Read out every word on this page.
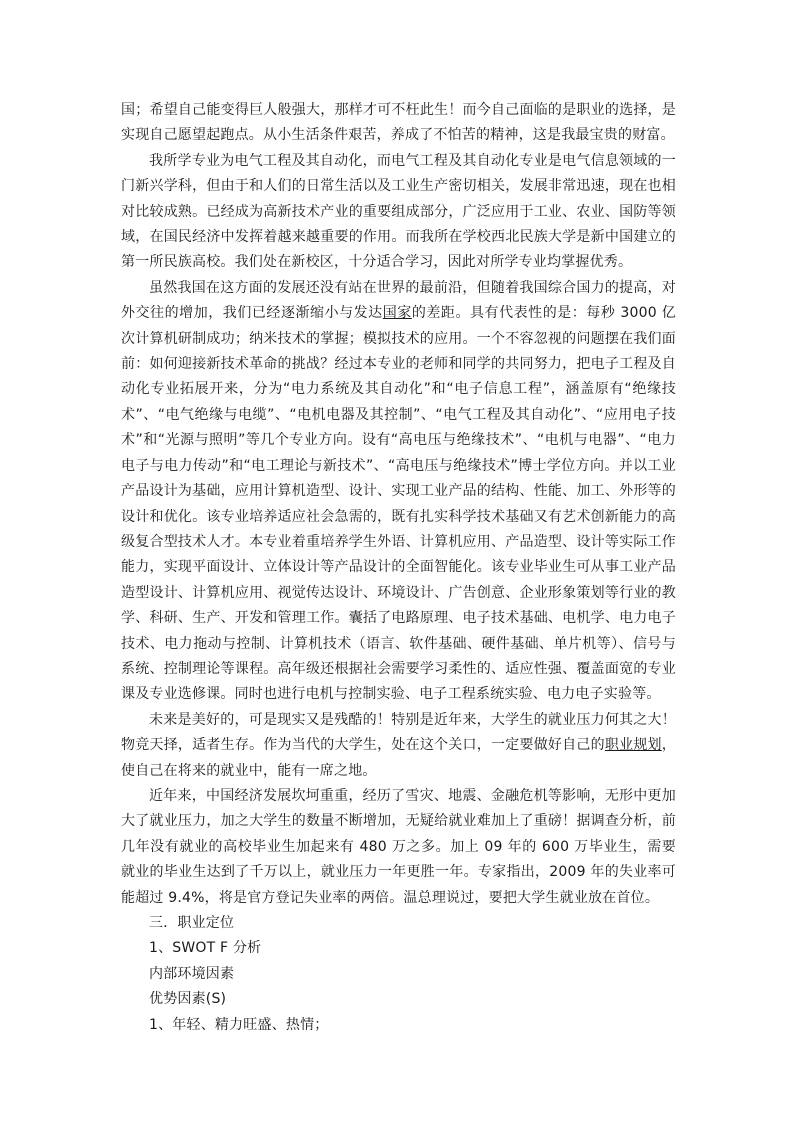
国；希望自己能变得巨人般强大，那样才可不枉此生！而今自己面临的是职业的选择，是实现自己愿望起跑点。从小生活条件艰苦，养成了不怕苦的精神，这是我最宝贵的财富。

我所学专业为电气工程及其自动化，而电气工程及其自动化专业是电气信息领域的一门新兴学科，但由于和人们的日常生活以及工业生产密切相关，发展非常迅速，现在也相对比较成熟。已经成为高新技术产业的重要组成部分，广泛应用于工业、农业、国防等领域，在国民经济中发挥着越来越重要的作用。而我所在学校西北民族大学是新中国建立的第一所民族高校。我们处在新校区，十分适合学习，因此对所学专业均掌握优秀。

虽然我国在这方面的发展还没有站在世界的最前沿，但随着我国综合国力的提高，对外交往的增加，我们已经逐渐缩小与发达国家的差距。具有代表性的是：每秒 3000 亿次计算机研制成功；纳米技术的掌握；模拟技术的应用。一个不容忽视的问题摆在我们面前：如何迎接新技术革命的挑战？经过本专业的老师和同学的共同努力，把电子工程及自动化专业拓展开来，分为“电力系统及其自动化”和“电子信息工程”，涵盖原有“绝缘技术”、“电气绝缘与电缆”、“电机电器及其控制”、“电气工程及其自动化”、“应用电子技术”和“光源与照明”等几个专业方向。设有“高电压与绝缘技术”、“电机与电器”、“电力电子与电力传动”和“电工理论与新技术”、“高电压与绝缘技术”博士学位方向。并以工业产品设计为基础，应用计算机造型、设计、实现工业产品的结构、性能、加工、外形等的设计和优化。该专业培养适应社会急需的，既有扎实科学技术基础又有艺术创新能力的高级复合型技术人才。本专业着重培养学生外语、计算机应用、产品造型、设计等实际工作能力，实现平面设计、立体设计等产品设计的全面智能化。该专业毕业生可从事工业产品造型设计、计算机应用、视觉传达设计、环境设计、广告创意、企业形象策划等行业的教学、科研、生产、开发和管理工作。囊括了电路原理、电子技术基础、电机学、电力电子技术、电力拖动与控制、计算机技术（语言、软件基础、硬件基础、单片机等）、信号与系统、控制理论等课程。高年级还根据社会需要学习柔性的、适应性强、覆盖面宽的专业课及专业选修课。同时也进行电机与控制实验、电子工程系统实验、电力电子实验等。

未来是美好的，可是现实又是残酷的！特别是近年来，大学生的就业压力何其之大！物竞天择，适者生存。作为当代的大学生，处在这个关口，一定要做好自己的职业规划，使自己在将来的就业中，能有一席之地。

近年来，中国经济发展坎坷重重，经历了雪灾、地震、金融危机等影响，无形中更加大了就业压力，加之大学生的数量不断增加，无疑给就业难加上了重磅！据调查分析，前几年没有就业的高校毕业生加起来有 480 万之多。加上 09 年的 600 万毕业生，需要就业的毕业生达到了千万以上，就业压力一年更胜一年。专家指出，2009 年的失业率可能超过 9.4%，将是官方登记失业率的两倍。温总理说过，要把大学生就业放在首位。

三．职业定位

1、SWOT F 分析

内部环境因素

优势因素(S)

1、年轻、精力旺盛、热情；
